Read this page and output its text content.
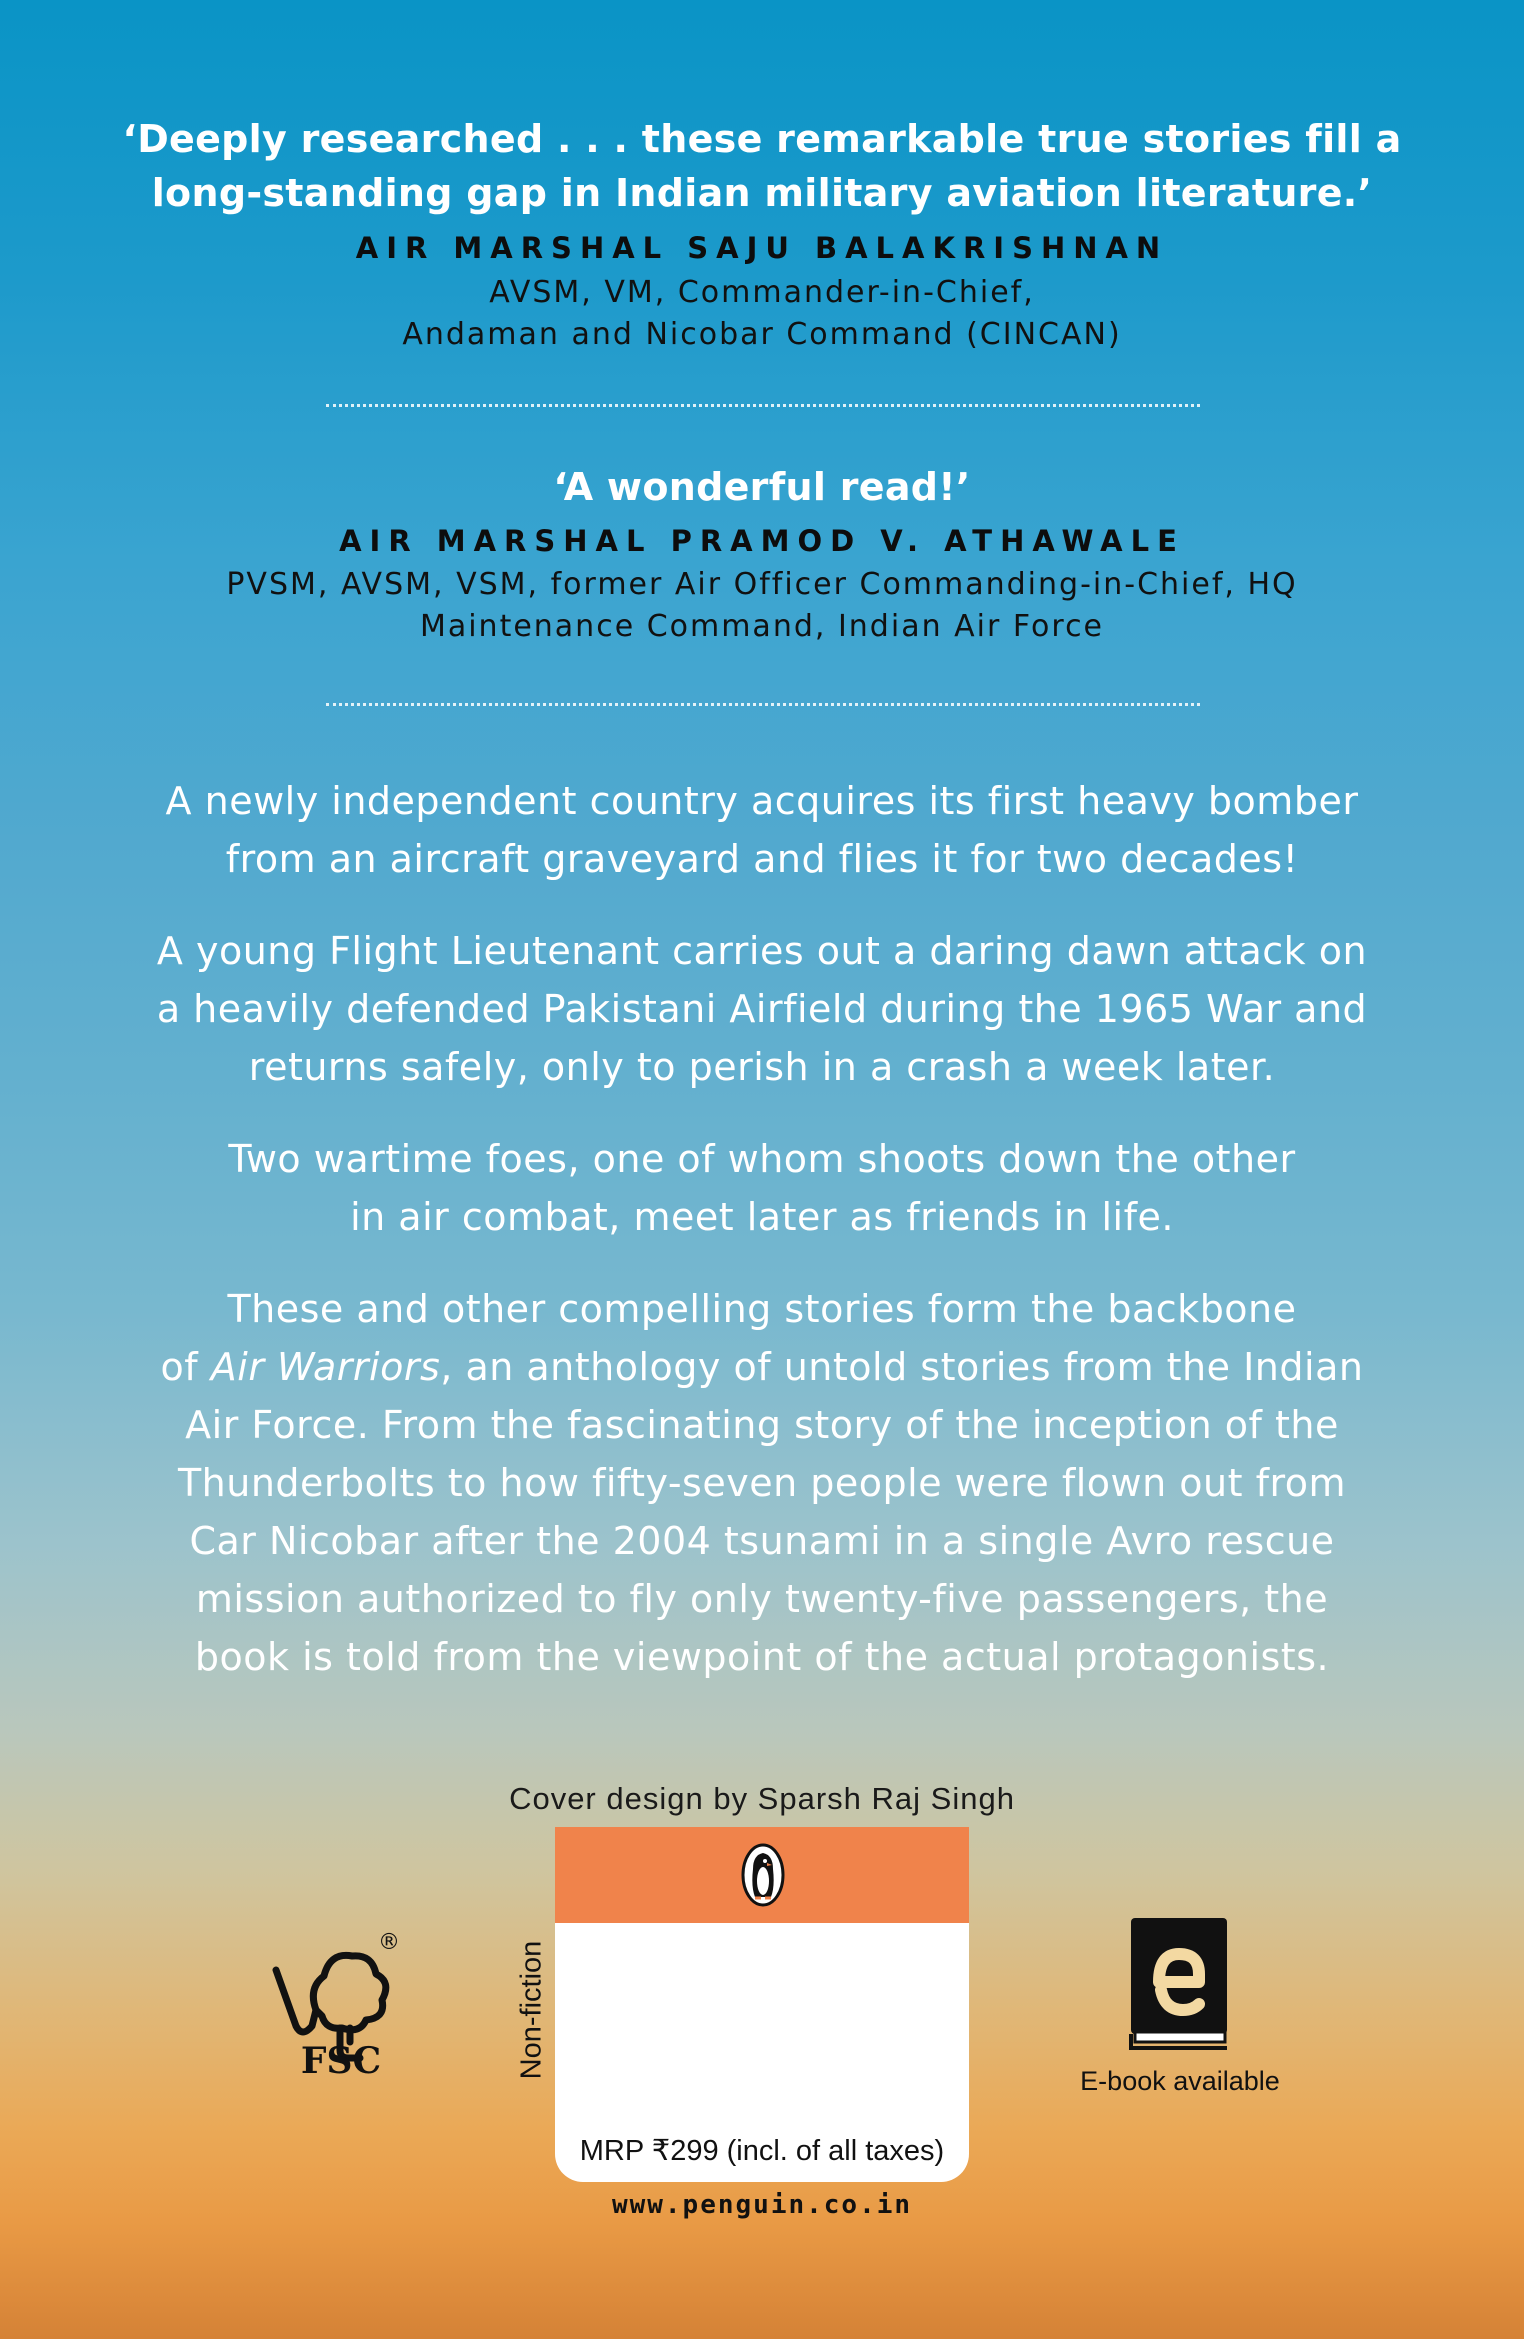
‘Deeply researched . . . these remarkable true stories fill a
long-standing gap in Indian military aviation literature.’
AIR MARSHAL SAJU BALAKRISHNAN
AVSM, VM, Commander-in-Chief,
Andaman and Nicobar Command (CINCAN)
‘A wonderful read!’
AIR MARSHAL PRAMOD V. ATHAWALE
PVSM, AVSM, VSM, former Air Officer Commanding-in-Chief, HQ
Maintenance Command, Indian Air Force
A newly independent country acquires its first heavy bomber
from an aircraft graveyard and flies it for two decades!
A young Flight Lieutenant carries out a daring dawn attack on
a heavily defended Pakistani Airfield during the 1965 War and
returns safely, only to perish in a crash a week later.
Two wartime foes, one of whom shoots down the other
in air combat, meet later as friends in life.
These and other compelling stories form the backbone
of Air Warriors, an anthology of untold stories from the Indian
Air Force. From the fascinating story of the inception of the
Thunderbolts to how fifty-seven people were flown out from
Car Nicobar after the 2004 tsunami in a single Avro rescue
mission authorized to fly only twenty-five passengers, the
book is told from the viewpoint of the actual protagonists.
Cover design by Sparsh Raj Singh
®
FSC	Non-fiction
MRP ₹299 (incl. of all taxes)
www.penguin.co.in
E-book available
